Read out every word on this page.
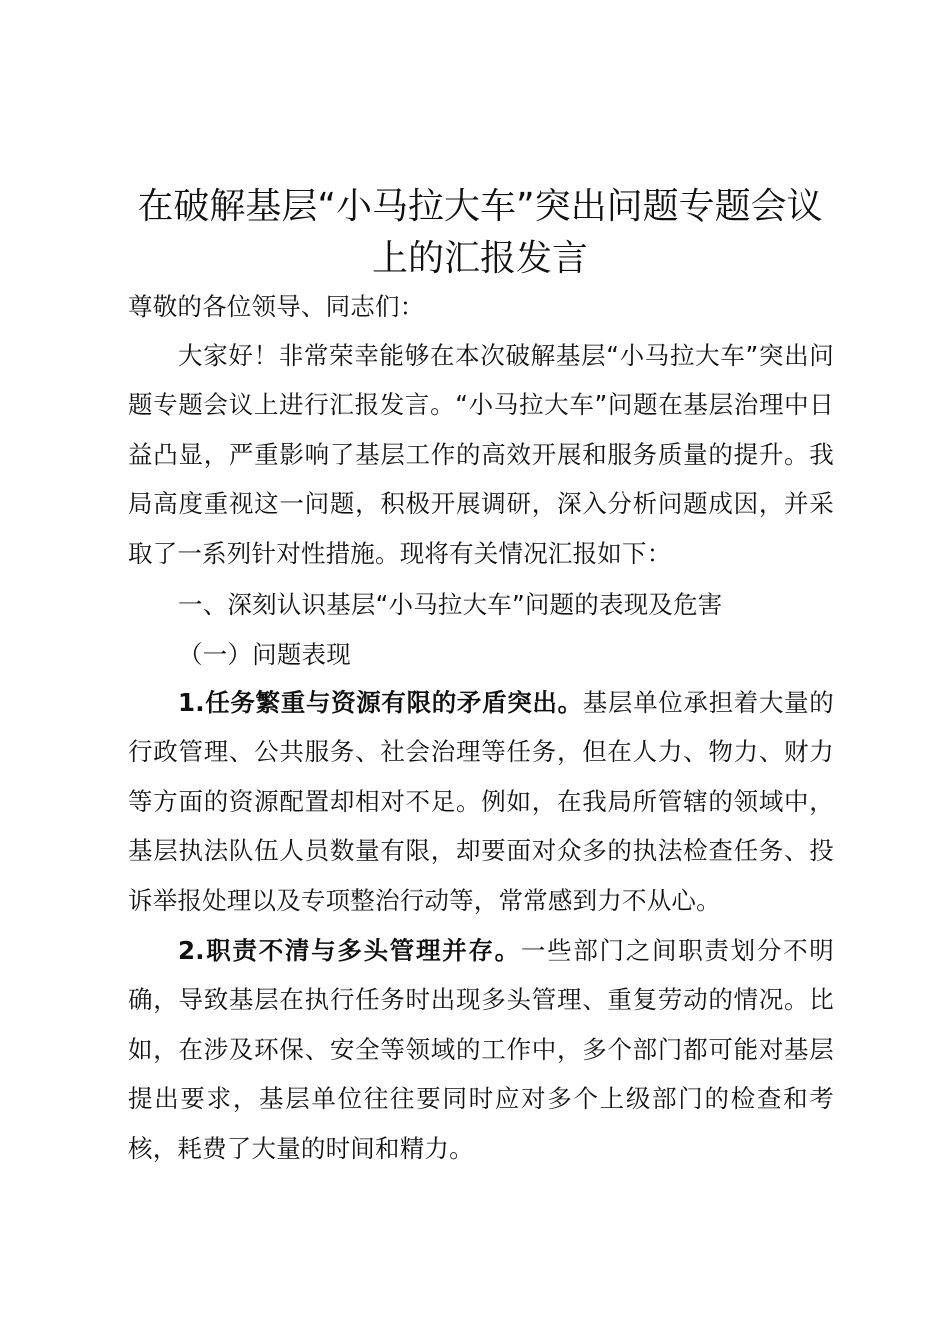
在破解基层“小马拉大车”突出问题专题会议
上的汇报发言

尊敬的各位领导、同志们：

大家好！非常荣幸能够在本次破解基层“小马拉大车”突出问题专题会议上进行汇报发言。“小马拉大车”问题在基层治理中日益凸显，严重影响了基层工作的高效开展和服务质量的提升。我局高度重视这一问题，积极开展调研，深入分析问题成因，并采取了一系列针对性措施。现将有关情况汇报如下：

一、深刻认识基层“小马拉大车”问题的表现及危害

（一）问题表现

1.任务繁重与资源有限的矛盾突出。基层单位承担着大量的行政管理、公共服务、社会治理等任务，但在人力、物力、财力等方面的资源配置却相对不足。例如，在我局所管辖的领域中，基层执法队伍人员数量有限，却要面对众多的执法检查任务、投诉举报处理以及专项整治行动等，常常感到力不从心。

2.职责不清与多头管理并存。一些部门之间职责划分不明确，导致基层在执行任务时出现多头管理、重复劳动的情况。比如，在涉及环保、安全等领域的工作中，多个部门都可能对基层提出要求，基层单位往往要同时应对多个上级部门的检查和考核，耗费了大量的时间和精力。
